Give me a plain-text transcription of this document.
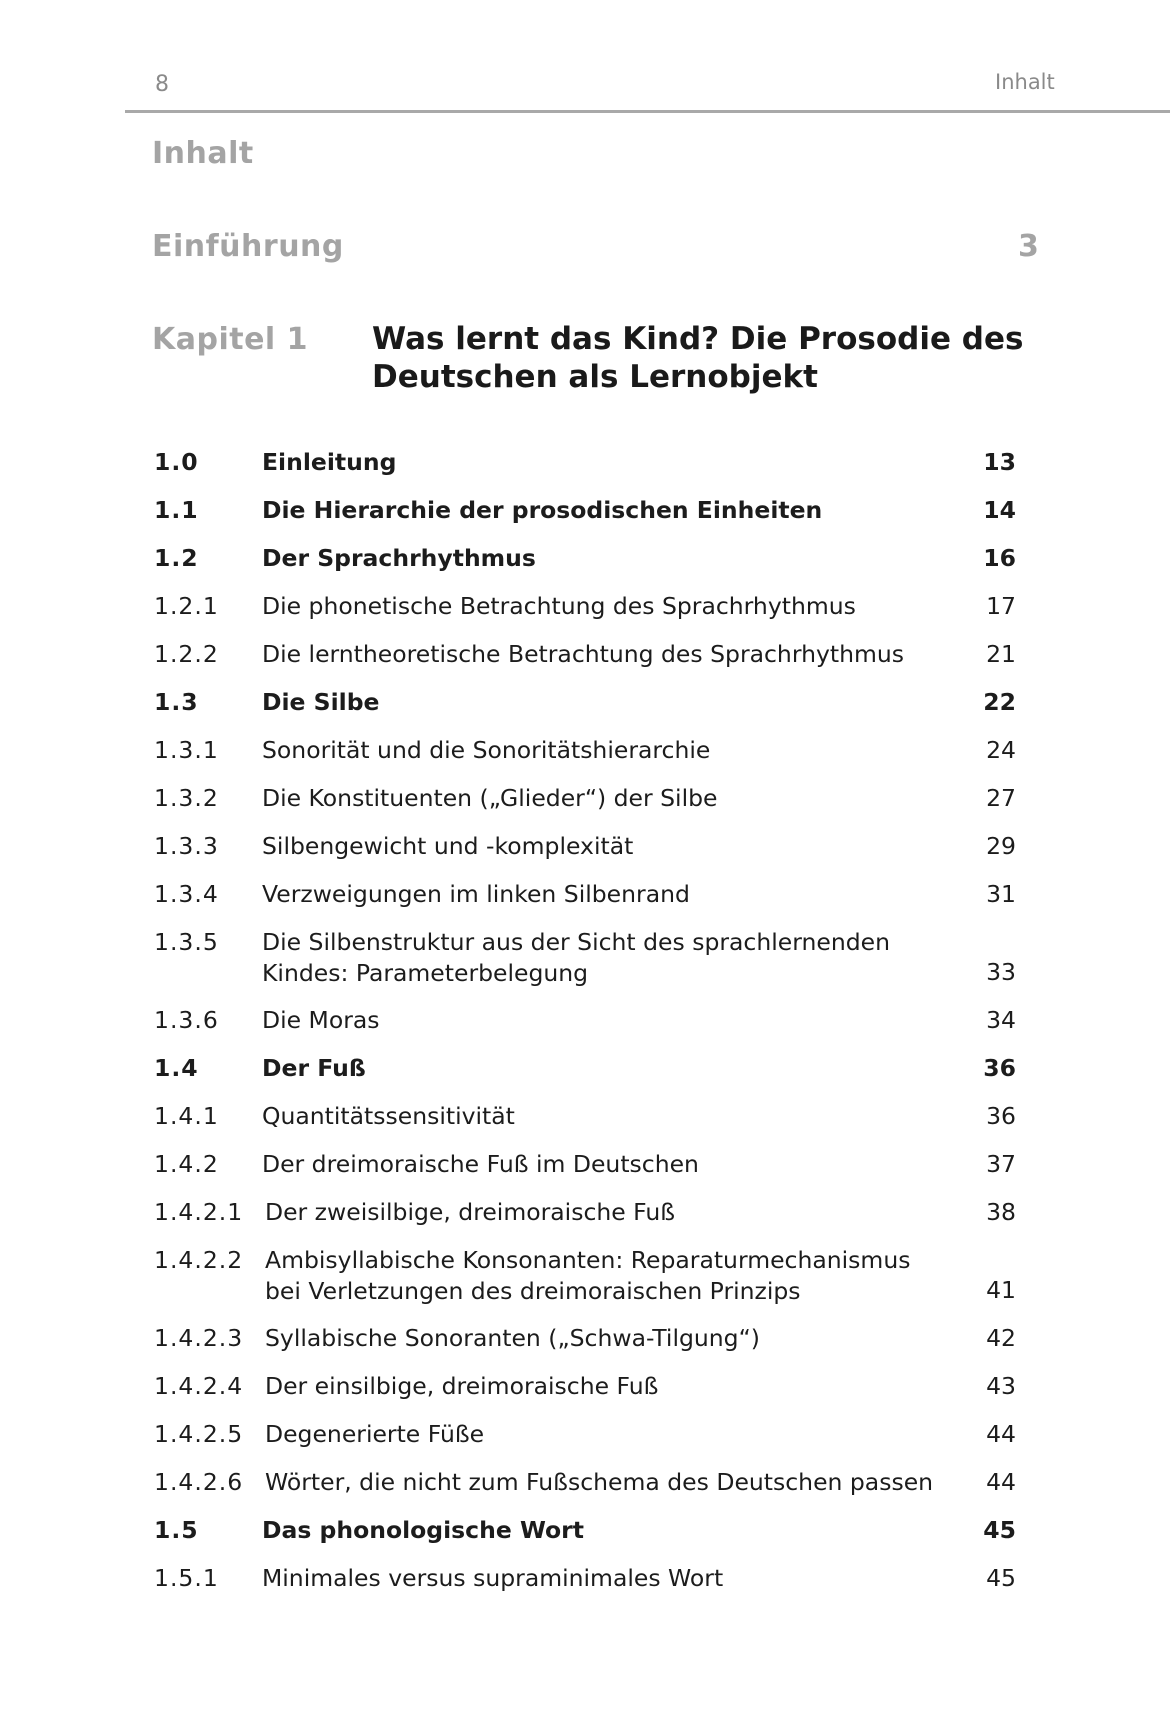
8	Inhalt
Inhalt
Einführung	3
Kapitel 1 Was lernt das Kind? Die Prosodie des
Deutschen als Lernobjekt
1.0	Einleitung	13
1.1	Die Hierarchie der prosodischen Einheiten	14
1.2	Der Sprachrhythmus	16
1.2.1 Die phonetische Betrachtung des Sprachrhythmus	17
1.2.2 Die lerntheoretische Betrachtung des Sprachrhythmus	21
1.3	Die Silbe	22
1.3.1 Sonorität und die Sonoritätshierarchie	24
1.3.2 Die Konstituenten („Glieder“) der Silbe	27
1.3.3 Silbengewicht und -komplexität	29
1.3.4 Verzweigungen im linken Silbenrand	31
1.3.5 Die Silbenstruktur aus der Sicht des sprachlernenden
Kindes: Parameterbelegung	33
1.3.6 Die Moras	34
1.4	Der Fuß	36
1.4.1 Quantitätssensitivität	36
1.4.2 Der dreimoraische Fuß im Deutschen	37
1.4.2.1 Der zweisilbige, dreimoraische Fuß	38
1.4.2.2 Ambisyllabische Konsonanten: Reparaturmechanismus
bei Verletzungen des dreimoraischen Prinzips	41
1.4.2.3 Syllabische Sonoranten („Schwa-Tilgung“)	42
1.4.2.4 Der einsilbige, dreimoraische Fuß	43
1.4.2.5 Degenerierte Füße	44
1.4.2.6 Wörter, die nicht zum Fußschema des Deutschen passen	44
1.5	Das phonologische Wort	45
1.5.1 Minimales versus supraminimales Wort	45
